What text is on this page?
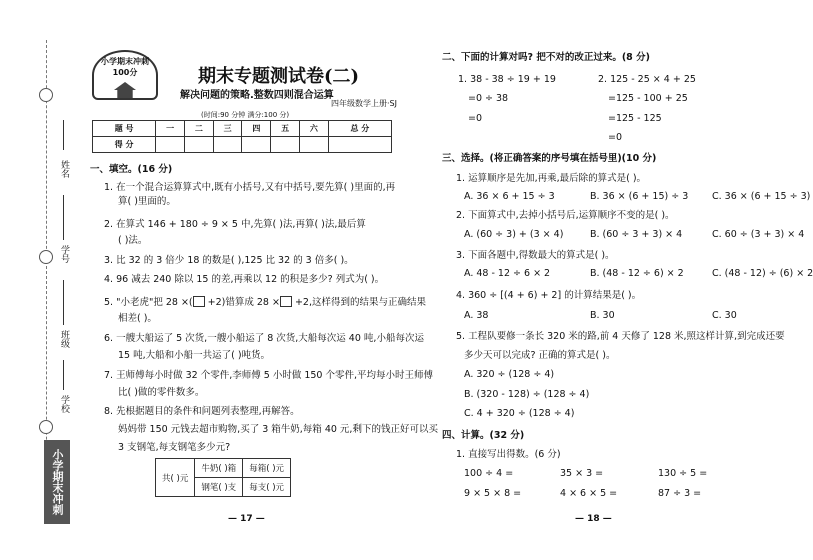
姓名
学号
班级
学校
小学期末冲刺100分
小学期末冲刺100分	期末专题测试卷(二)
解决问题的策略.整数四则混合运算
四年级数学上册·SJ
(时间:90 分钟 满分:100 分)
题 号	一	二	三	四	五	六	总 分
得 分							
一、填空。(16 分)
1. 在一个混合运算算式中,既有小括号,又有中括号,要先算( )里面的,再
算( )里面的。
2. 在算式 146 + 180 ÷ 9 × 5 中,先算( )法,再算( )法,最后算
( )法。
3. 比 32 的 3 倍少 18 的数是( ),125 比 32 的 3 倍多( )。
4. 96 减去 240 除以 15 的差,再乘以 12 的积是多少? 列式为( )。
5. "小老虎"把 28 ×( +2)错算成 28 × +2,这样得到的结果与正确结果
相差( )。
6. 一艘大船运了 5 次货,一艘小船运了 8 次货,大船每次运 40 吨,小船每次运
15 吨,大船和小船一共运了( )吨货。
7. 王师傅每小时做 32 个零件,李师傅 5 小时做 150 个零件,平均每小时王师傅
比( )做的零件数多。
8. 先根据题目的条件和问题列表整理,再解答。
妈妈带 150 元钱去超市购物,买了 3 箱牛奶,每箱 40 元,剩下的钱正好可以买
3 支钢笔,每支钢笔多少元?
共( )元	牛奶( )箱	每箱( )元
	钢笔( )支	每支( )元
— 17 —
二、下面的计算对吗? 把不对的改正过来。(8 分)
1. 38 - 38 ÷ 19 + 19
=0 ÷ 38
=0
2. 125 - 25 × 4 + 25
=125 - 100 + 25
=125 - 125
=0
三、选择。(将正确答案的序号填在括号里)(10 分)
1. 运算顺序是先加,再乘,最后除的算式是( )。
A. 36 × 6 + 15 ÷ 3	B. 36 × (6 + 15) ÷ 3	C. 36 × (6 + 15 ÷ 3)
2. 下面算式中,去掉小括号后,运算顺序不变的是( )。
A. (60 ÷ 3) + (3 × 4)	B. (60 ÷ 3 + 3) × 4	C. 60 ÷ (3 + 3) × 4
3. 下面各题中,得数最大的算式是( )。
A. 48 - 12 ÷ 6 × 2	B. (48 - 12 ÷ 6) × 2	C. (48 - 12) ÷ (6) × 2
4. 360 ÷ [(4 + 6) + 2] 的计算结果是( )。
A. 38	B. 30	C. 30
5. 工程队要修一条长 320 米的路,前 4 天修了 128 米,照这样计算,到完成还要
多少天可以完成? 正确的算式是( )。
A. 320 ÷ (128 ÷ 4)
B. (320 - 128) ÷ (128 ÷ 4)
C. 4 + 320 ÷ (128 ÷ 4)
四、计算。(32 分)
1. 直接写出得数。(6 分)
100 ÷ 4 =	35 × 3 =	130 ÷ 5 =
9 × 5 × 8 =	4 × 6 × 5 =	87 ÷ 3 =
— 18 —
